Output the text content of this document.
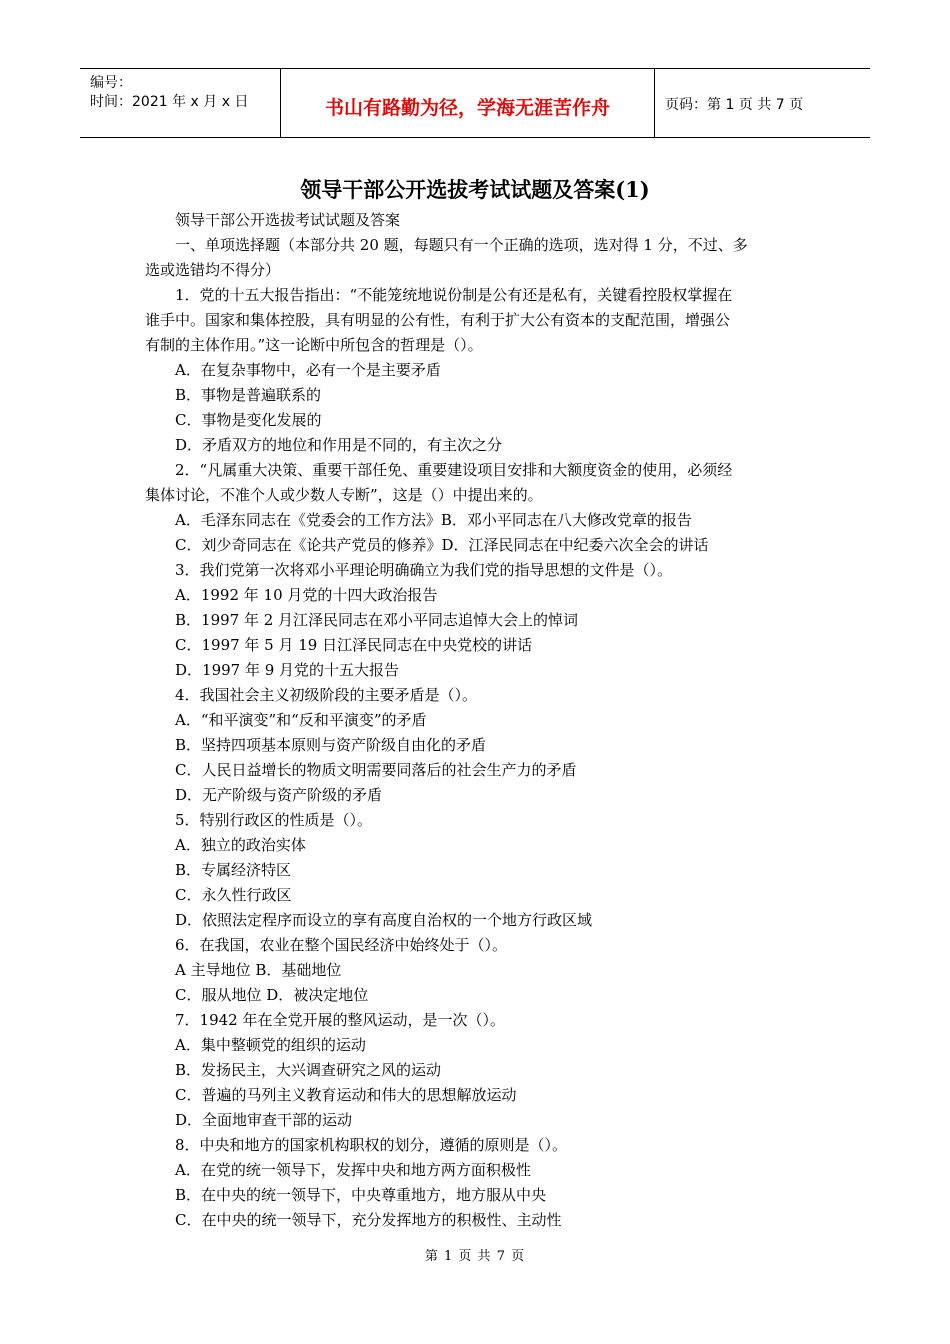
编号：
时间：2021 年 x 月 x 日	书山有路勤为径，学海无涯苦作舟	页码：第 1 页 共 7 页
领导干部公开选拔考试试题及答案(1)
领导干部公开选拔考试试题及答案
一、单项选择题（本部分共 20 题，每题只有一个正确的选项，选对得 1 分，不过、多
选或选错均不得分）
1．党的十五大报告指出：“不能笼统地说份制是公有还是私有，关键看控股权掌握在
谁手中。国家和集体控股，具有明显的公有性，有利于扩大公有资本的支配范围，增强公
有制的主体作用。”这一论断中所包含的哲理是（）。
A．在复杂事物中，必有一个是主要矛盾
B．事物是普遍联系的
C．事物是变化发展的
D．矛盾双方的地位和作用是不同的，有主次之分
2．“凡属重大决策、重要干部任免、重要建设项目安排和大额度资金的使用，必须经
集体讨论，不准个人或少数人专断”，这是（）中提出来的。
A．毛泽东同志在《党委会的工作方法》B．邓小平同志在八大修改党章的报告
C．刘少奇同志在《论共产党员的修养》D．江泽民同志在中纪委六次全会的讲话
3．我们党第一次将邓小平理论明确确立为我们党的指导思想的文件是（）。
A．1992 年 10 月党的十四大政治报告
B．1997 年 2 月江泽民同志在邓小平同志追悼大会上的悼词
C．1997 年 5 月 19 日江泽民同志在中央党校的讲话
D．1997 年 9 月党的十五大报告
4．我国社会主义初级阶段的主要矛盾是（）。
A．“和平演变”和“反和平演变”的矛盾
B．坚持四项基本原则与资产阶级自由化的矛盾
C．人民日益增长的物质文明需要同落后的社会生产力的矛盾
D．无产阶级与资产阶级的矛盾
5．特别行政区的性质是（）。
A．独立的政治实体
B．专属经济特区
C．永久性行政区
D．依照法定程序而设立的享有高度自治权的一个地方行政区域
6．在我国，农业在整个国民经济中始终处于（）。
A 主导地位 B．基础地位
C．服从地位 D．被决定地位
7．1942 年在全党开展的整风运动，是一次（）。
A．集中整顿党的组织的运动
B．发扬民主，大兴调查研究之风的运动
C．普遍的马列主义教育运动和伟大的思想解放运动
D．全面地审查干部的运动
8．中央和地方的国家机构职权的划分，遵循的原则是（）。
A．在党的统一领导下，发挥中央和地方两方面积极性
B．在中央的统一领导下，中央尊重地方，地方服从中央
C．在中央的统一领导下，充分发挥地方的积极性、主动性
第 1 页 共 7 页
